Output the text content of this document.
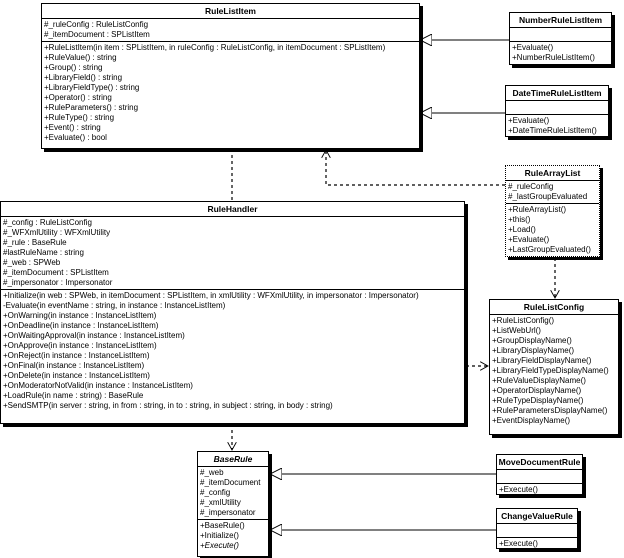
RuleListItem
#_ruleConfig : RuleListConfig
#_itemDocument : SPListItem
+RuleListItem(in item : SPListItem, in ruleConfig : RuleListConfig, in itemDocument : SPListItem)
+RuleValue() : string
+Group() : string
+LibraryField() : string
+LibraryFieldType() : string
+Operator() : string
+RuleParameters() : string
+RuleType() : string
+Event() : string
+Evaluate() : bool
NumberRuleListItem
+Evaluate()
+NumberRuleListItem()
DateTimeRuleListItem
+Evaluate()
+DateTimeRuleListItem()
RuleArrayList
#_ruleConfig
#_lastGroupEvaluated
+RuleArrayList()
+this()
+Load()
+Evaluate()
+LastGroupEvaluated()
RuleHandler
#_config : RuleListConfig
#_WFXmlUtility : WFXmlUtility
#_rule : BaseRule
#lastRuleName : string
#_web : SPWeb
#_itemDocument : SPListItem
#_impersonator : Impersonator
+Initialize(in web : SPWeb, in itemDocument : SPListItem, in xmlUtility : WFXmlUtility, in impersonator : Impersonator)
-Evaluate(in eventName : string, in instance : InstanceListItem)
+OnWarning(in instance : InstanceListItem)
+OnDeadline(in instance : InstanceListItem)
+OnWaitingApproval(in instance : InstanceListItem)
+OnApprove(in instance : InstanceListItem)
+OnReject(in instance : InstanceListItem)
+OnFinal(in instance : InstanceListItem)
+OnDelete(in instance : InstanceListItem)
+OnModeratorNotValid(in instance : InstanceListItem)
+LoadRule(in name : string) : BaseRule
+SendSMTP(in server : string, in from : string, in to : string, in subject : string, in body : string)
RuleListConfig
+RuleListConfig()
+ListWebUrl()
+GroupDisplayName()
+LibraryDisplayName()
+LibraryFieldDisplayName()
+LibraryFieldTypeDisplayName()
+RuleValueDisplayName()
+OperatorDisplayName()
+RuleTypeDisplayName()
+RuleParametersDisplayName()
+EventDisplayName()
BaseRule
#_web
#_itemDocument
#_config
#_xmlUtility
#_impersonator
+BaseRule()
+Initialize()
+Execute()
MoveDocumentRule
+Execute()
ChangeValueRule
+Execute()
